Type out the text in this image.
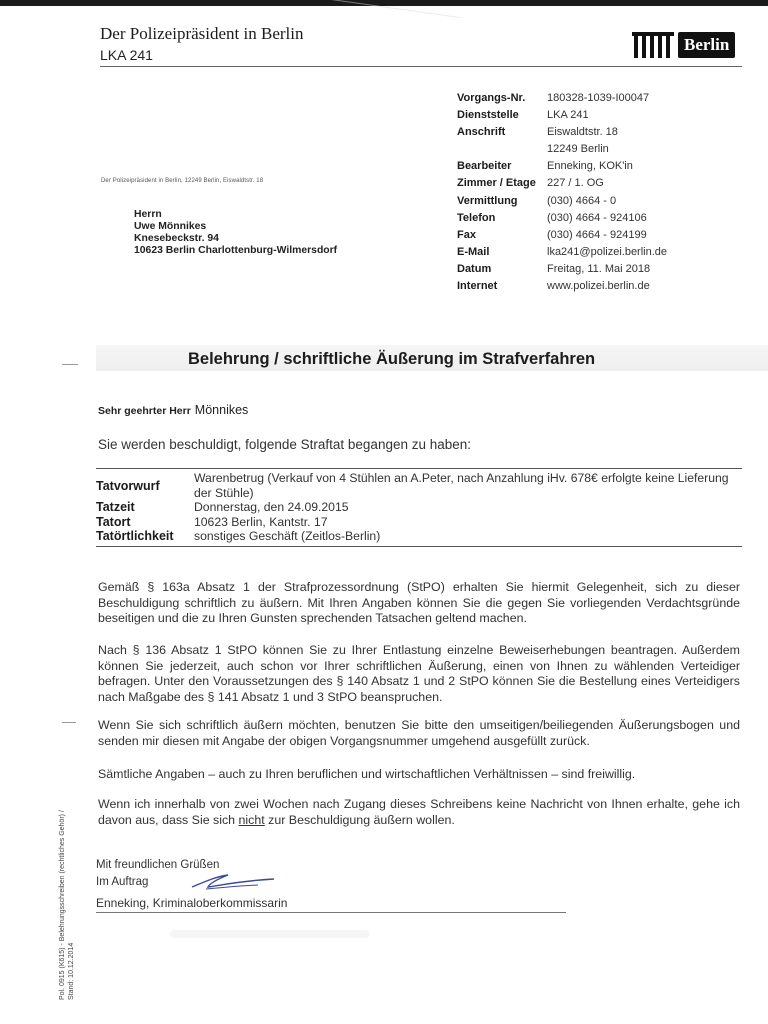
Der Polizeipräsident in Berlin
LKA 241
Berlin
Vorgangs-Nr.	180328-1039-I00047
Dienststelle	LKA 241
Anschrift	Eiswaldtstr. 18
	12249 Berlin
Bearbeiter	Enneking, KOK'in
Zimmer / Etage	227 / 1. OG
Vermittlung	(030) 4664 - 0
Telefon	(030) 4664 - 924106
Fax	(030) 4664 - 924199
E-Mail	lka241@polizei.berlin.de
Datum	Freitag, 11. Mai 2018
Internet	www.polizei.berlin.de
Der Polizeipräsident in Berlin, 12249 Berlin, Eiswaldtstr. 18
Herrn
Uwe Mönnikes
Knesebeckstr. 94
10623 Berlin Charlottenburg-Wilmersdorf
Belehrung / schriftliche Äußerung im Strafverfahren
Sehr geehrter Herr Mönnikes
Sie werden beschuldigt, folgende Straftat begangen zu haben:
Tatvorwurf	Warenbetrug (Verkauf von 4 Stühlen an A.Peter, nach Anzahlung iHv. 678€ erfolgte keine Lieferung der Stühle)
Tatzeit	Donnerstag, den 24.09.2015
Tatort	10623 Berlin, Kantstr. 17
Tatörtlichkeit	sonstiges Geschäft (Zeitlos-Berlin)

Gemäß § 163a Absatz 1 der Strafprozessordnung (StPO) erhalten Sie hiermit Gelegenheit, sich zu dieser Beschuldigung schriftlich zu äußern. Mit Ihren Angaben können Sie die gegen Sie vorliegenden Verdachtsgründe beseitigen und die zu Ihren Gunsten sprechenden Tatsachen geltend machen.

Nach § 136 Absatz 1 StPO können Sie zu Ihrer Entlastung einzelne Beweiserhebungen beantragen. Außerdem können Sie jederzeit, auch schon vor Ihrer schriftlichen Äußerung, einen von Ihnen zu wählenden Verteidiger befragen. Unter den Voraussetzungen des § 140 Absatz 1 und 2 StPO können Sie die Bestellung eines Verteidigers nach Maßgabe des § 141 Absatz 1 und 3 StPO beanspruchen.

Wenn Sie sich schriftlich äußern möchten, benutzen Sie bitte den umseitigen/beiliegenden Äußerungsbogen und senden mir diesen mit Angabe der obigen Vorgangsnummer umgehend ausgefüllt zurück.

Sämtliche Angaben – auch zu Ihren beruflichen und wirtschaftlichen Verhältnissen – sind freiwillig.

Wenn ich innerhalb von zwei Wochen nach Zugang dieses Schreibens keine Nachricht von Ihnen erhalte, gehe ich davon aus, dass Sie sich nicht zur Beschuldigung äußern wollen.

Mit freundlichen Grüßen
Im Auftrag
Enneking, Kriminaloberkommissarin
Pol. 0915 (K615) - Belehrungsschreiben (rechtliches Gehör) / Stand: 10.12.2014
